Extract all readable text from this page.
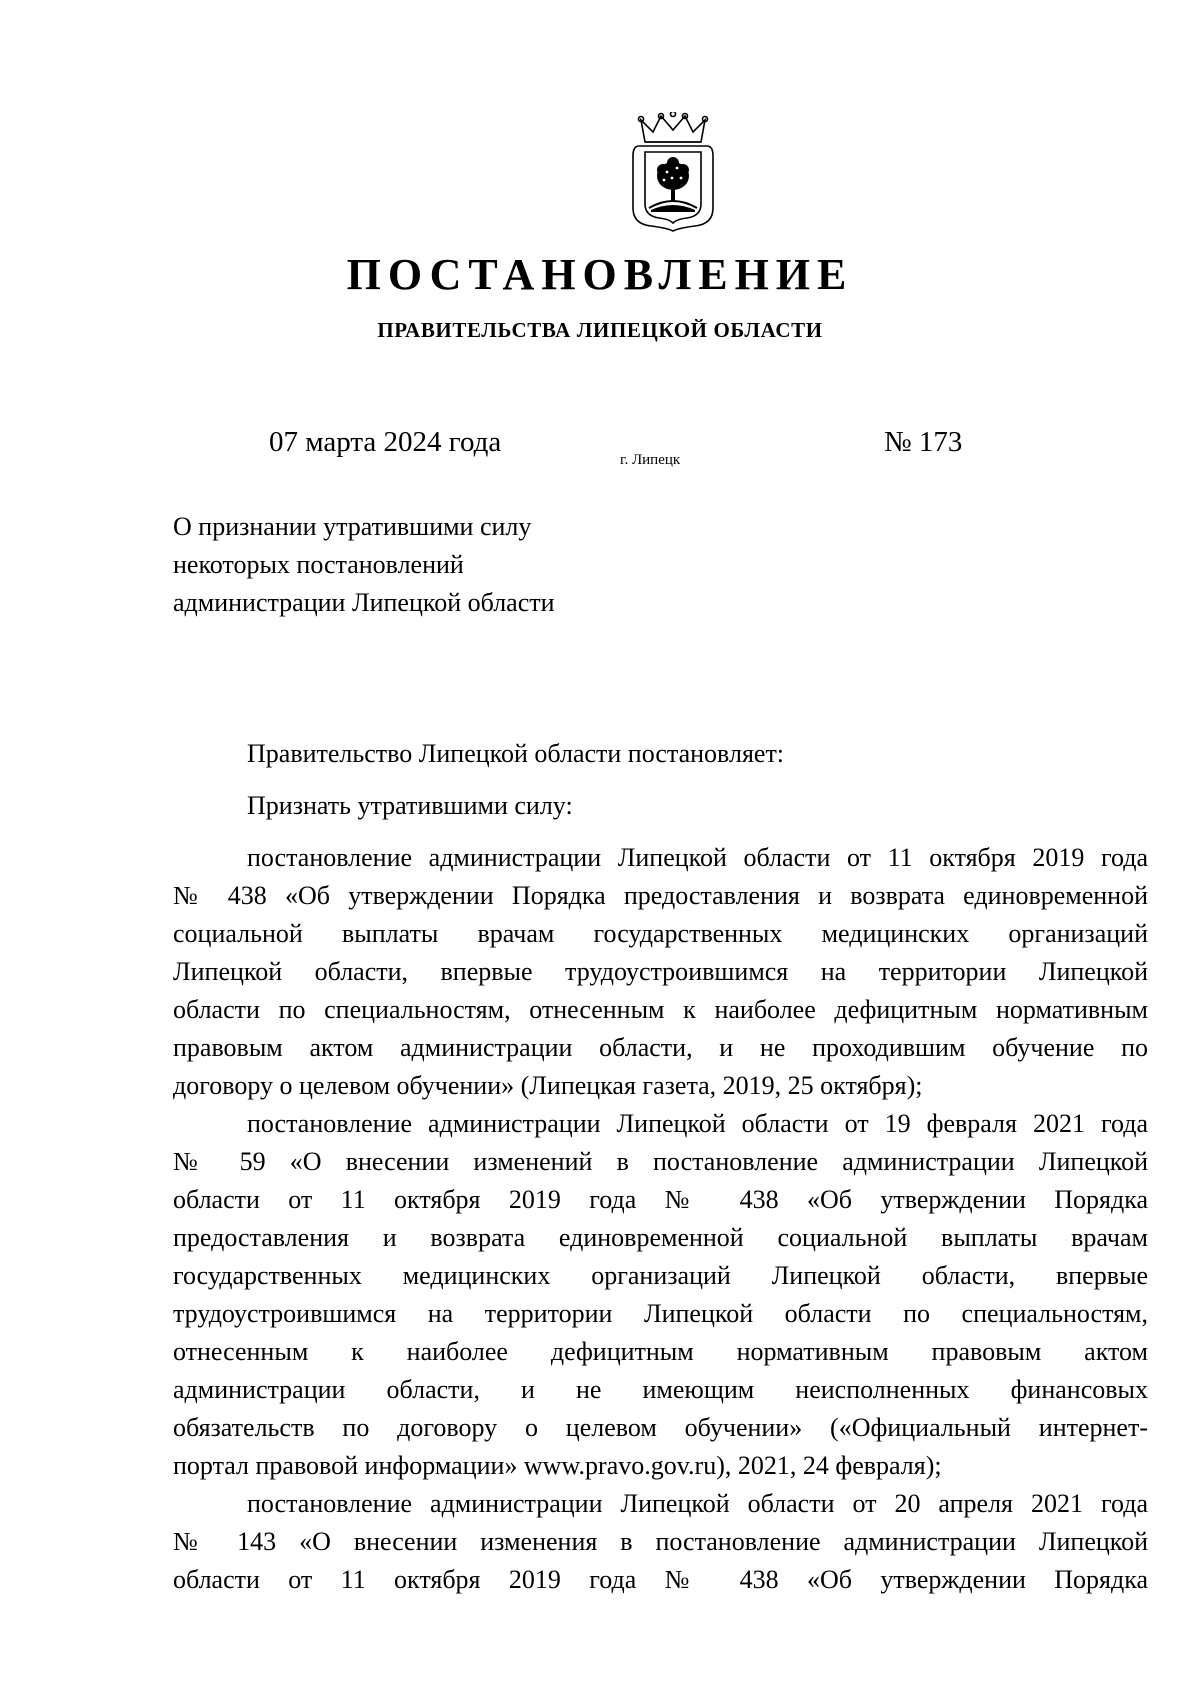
ПОСТАНОВЛЕНИЕ
ПРАВИТЕЛЬСТВА ЛИПЕЦКОЙ ОБЛАСТИ
07 марта 2024 года
г. Липецк
№ 173
О признании утратившими силу
некоторых постановлений
администрации Липецкой области
Правительство Липецкой области постановляет:
Признать утратившими силу:
постановление администрации Липецкой области от 11 октября 2019 года
№ 438 «Об утверждении Порядка предоставления и возврата единовременной
социальной выплаты врачам государственных медицинских организаций
Липецкой области, впервые трудоустроившимся на территории Липецкой
области по специальностям, отнесенным к наиболее дефицитным нормативным
правовым актом администрации области, и не проходившим обучение по
договору о целевом обучении» (Липецкая газета, 2019, 25 октября);
постановление администрации Липецкой области от 19 февраля 2021 года
№ 59 «О внесении изменений в постановление администрации Липецкой
области от 11 октября 2019 года № 438 «Об утверждении Порядка
предоставления и возврата единовременной социальной выплаты врачам
государственных медицинских организаций Липецкой области, впервые
трудоустроившимся на территории Липецкой области по специальностям,
отнесенным к наиболее дефицитным нормативным правовым актом
администрации области, и не имеющим неисполненных финансовых
обязательств по договору о целевом обучении» («Официальный интернет-
портал правовой информации» www.pravo.gov.ru), 2021, 24 февраля);
постановление администрации Липецкой области от 20 апреля 2021 года
№ 143 «О внесении изменения в постановление администрации Липецкой
области от 11 октября 2019 года № 438 «Об утверждении Порядка
